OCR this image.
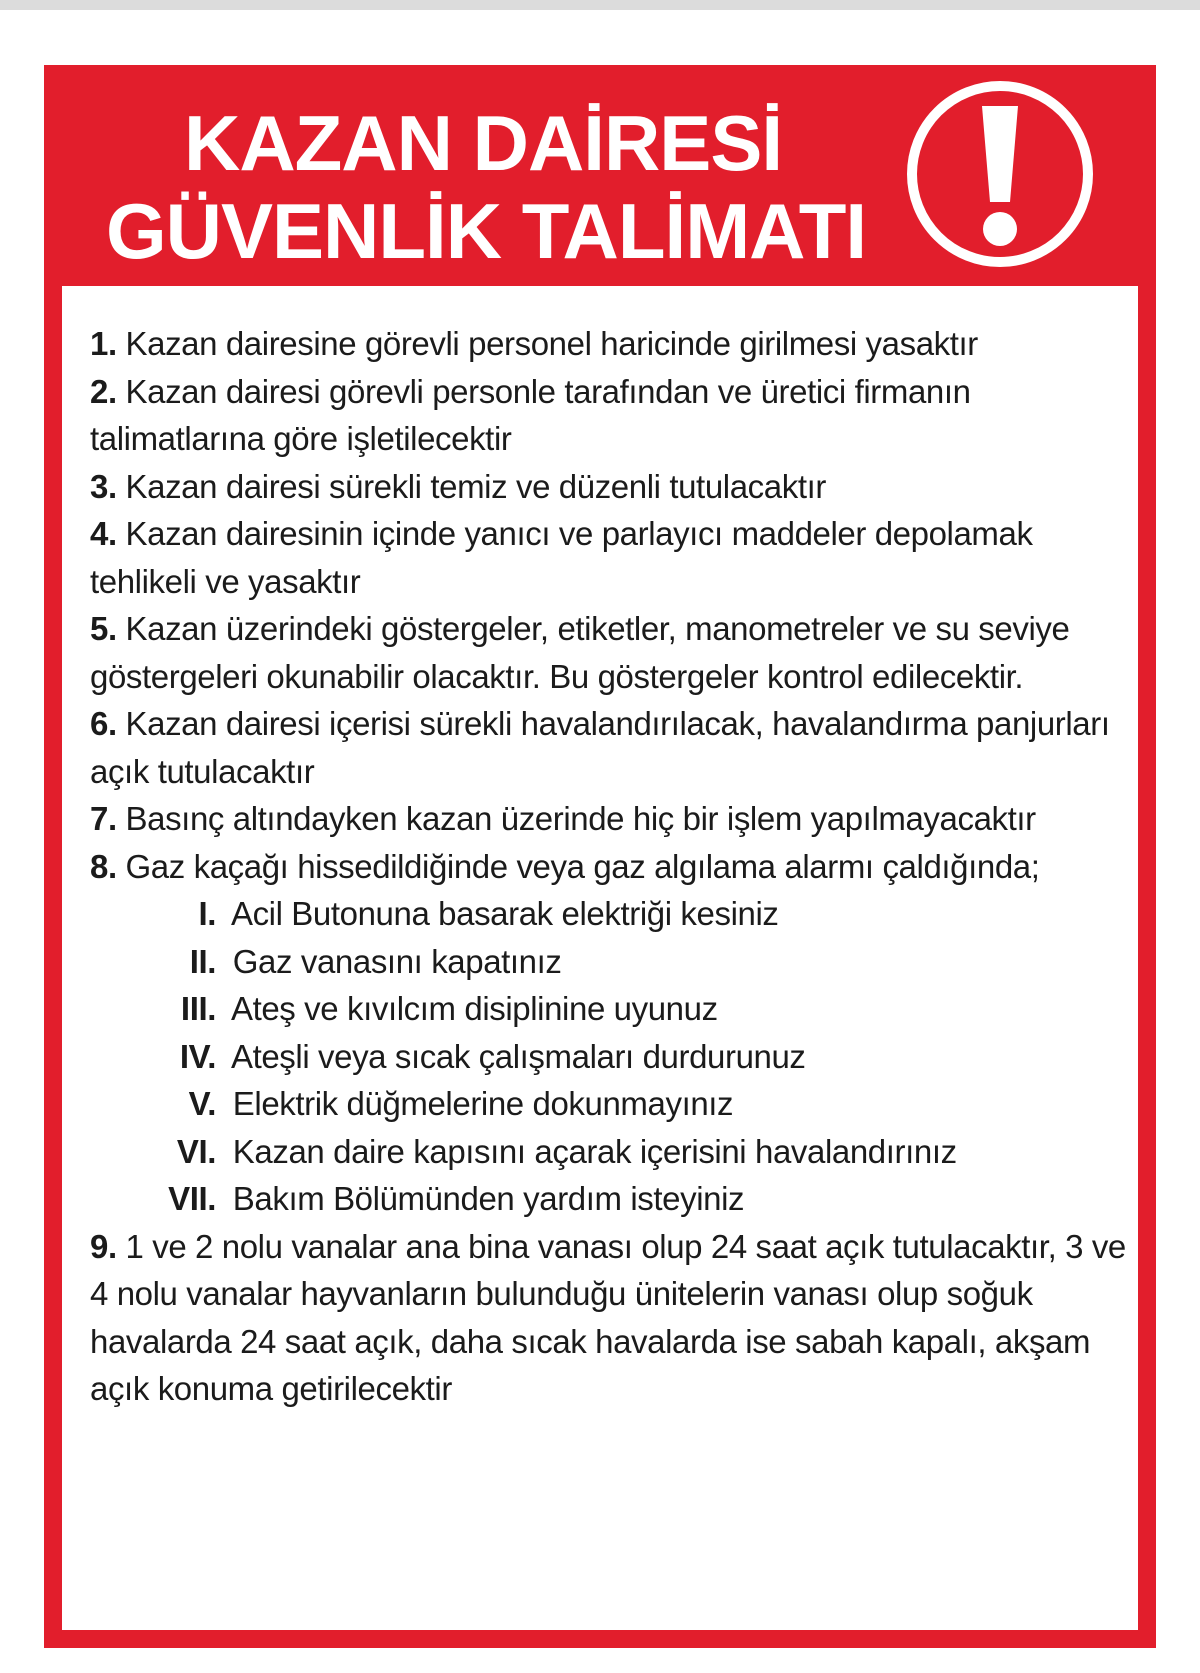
KAZAN DAİRESİ
GÜVENLİK TALİMATI
1. Kazan dairesine görevli personel haricinde girilmesi yasaktır
2. Kazan dairesi görevli personle tarafından ve üretici firmanın talimatlarına göre işletilecektir
3. Kazan dairesi sürekli temiz ve düzenli tutulacaktır
4. Kazan dairesinin içinde yanıcı ve parlayıcı maddeler depolamak tehlikeli ve yasaktır
5. Kazan üzerindeki göstergeler, etiketler, manometreler ve su seviye göstergeleri okunabilir olacaktır. Bu göstergeler kontrol edilecektir.
6. Kazan dairesi içerisi sürekli havalandırılacak, havalandırma panjurları açık tutulacaktır
7. Basınç altındayken kazan üzerinde hiç bir işlem yapılmayacaktır
8. Gaz kaçağı hissedildiğinde veya gaz algılama alarmı çaldığında;
I. Acil Butonuna basarak elektriği kesiniz
II. Gaz vanasını kapatınız
III. Ateş ve kıvılcım disiplinine uyunuz
IV. Ateşli veya sıcak çalışmaları durdurunuz
V. Elektrik düğmelerine dokunmayınız
VI. Kazan daire kapısını açarak içerisini havalandırınız
VII. Bakım Bölümünden yardım isteyiniz
9. 1 ve 2 nolu vanalar ana bina vanası olup 24 saat açık tutulacaktır, 3 ve 4 nolu vanalar hayvanların bulunduğu ünitelerin vanası olup soğuk havalarda 24 saat açık, daha sıcak havalarda ise sabah kapalı, akşam açık konuma getirilecektir
